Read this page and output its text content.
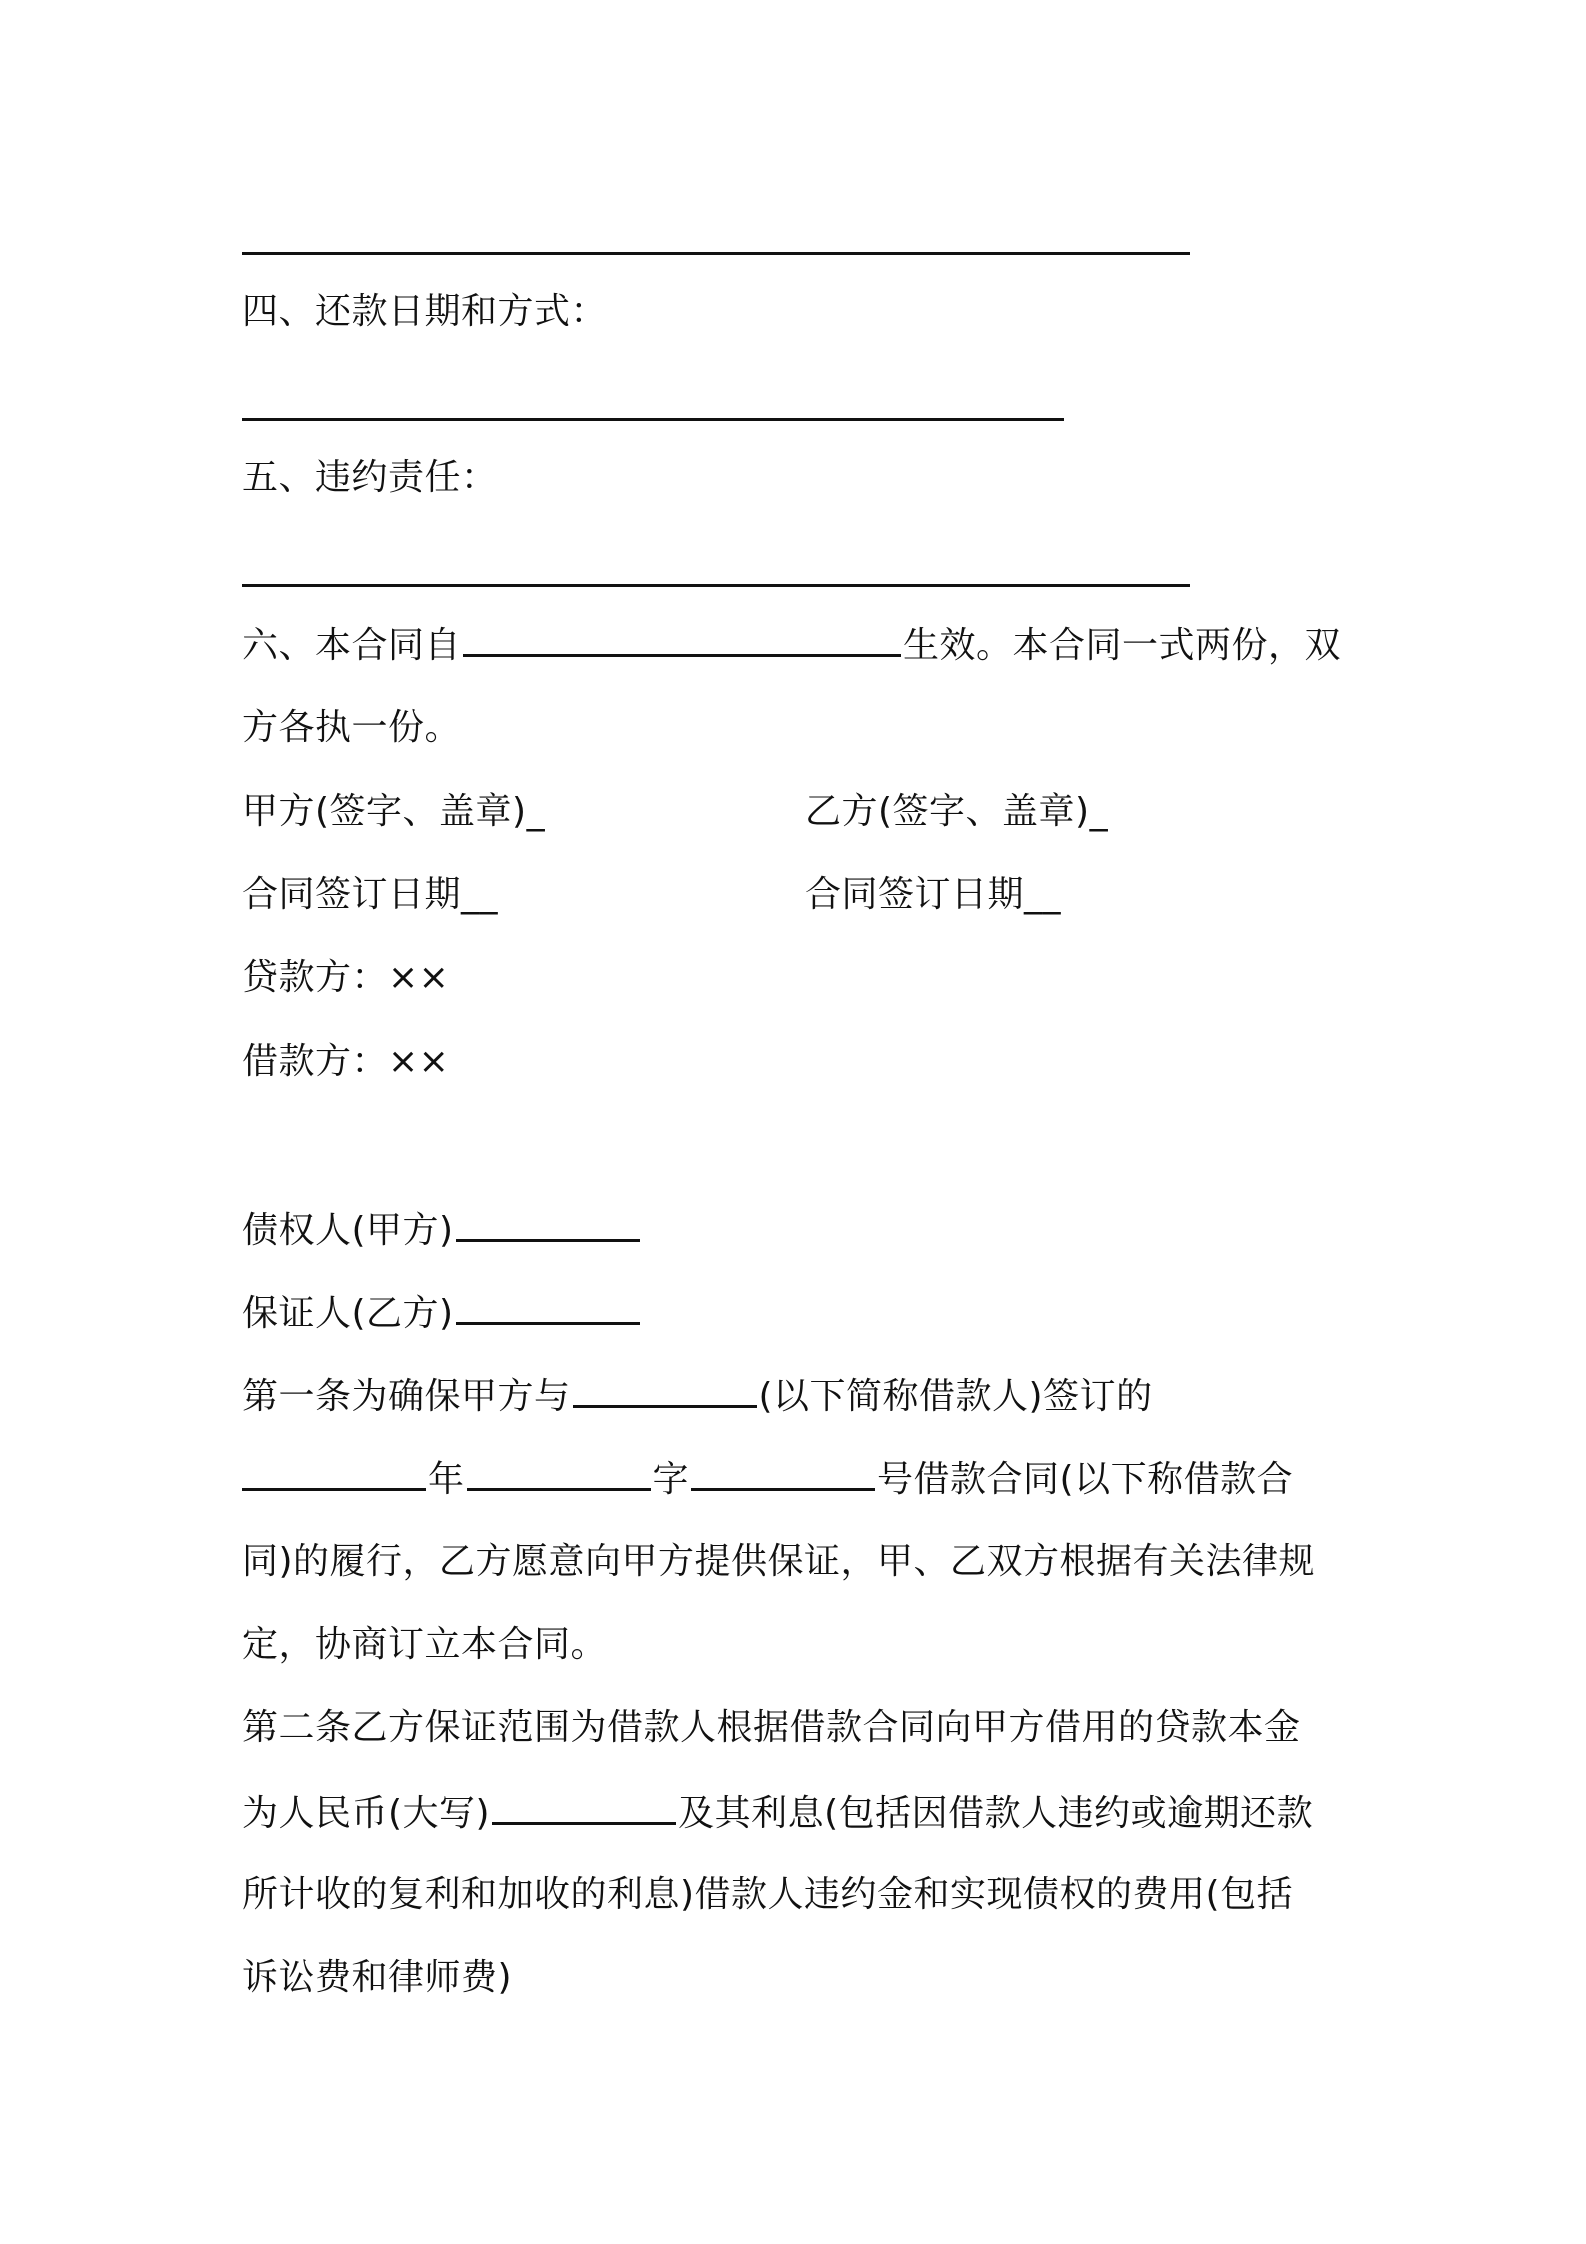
四、还款日期和方式：
五、违约责任：
六、本合同自	生效。本合同一式两份，双
方各执一份。
甲方(签字、盖章)_	乙方(签字、盖章)_
合同签订日期__	合同签订日期__
贷款方：××
借款方：××
债权人(甲方)
保证人(乙方)
第一条为确保甲方与	(以下简称借款人)签订的
年	字	号借款合同(以下称借款合
同)的履行，乙方愿意向甲方提供保证，甲、乙双方根据有关法律规
定，协商订立本合同。
第二条乙方保证范围为借款人根据借款合同向甲方借用的贷款本金
为人民币(大写)	及其利息(包括因借款人违约或逾期还款
所计收的复利和加收的利息)借款人违约金和实现债权的费用(包括
诉讼费和律师费)
